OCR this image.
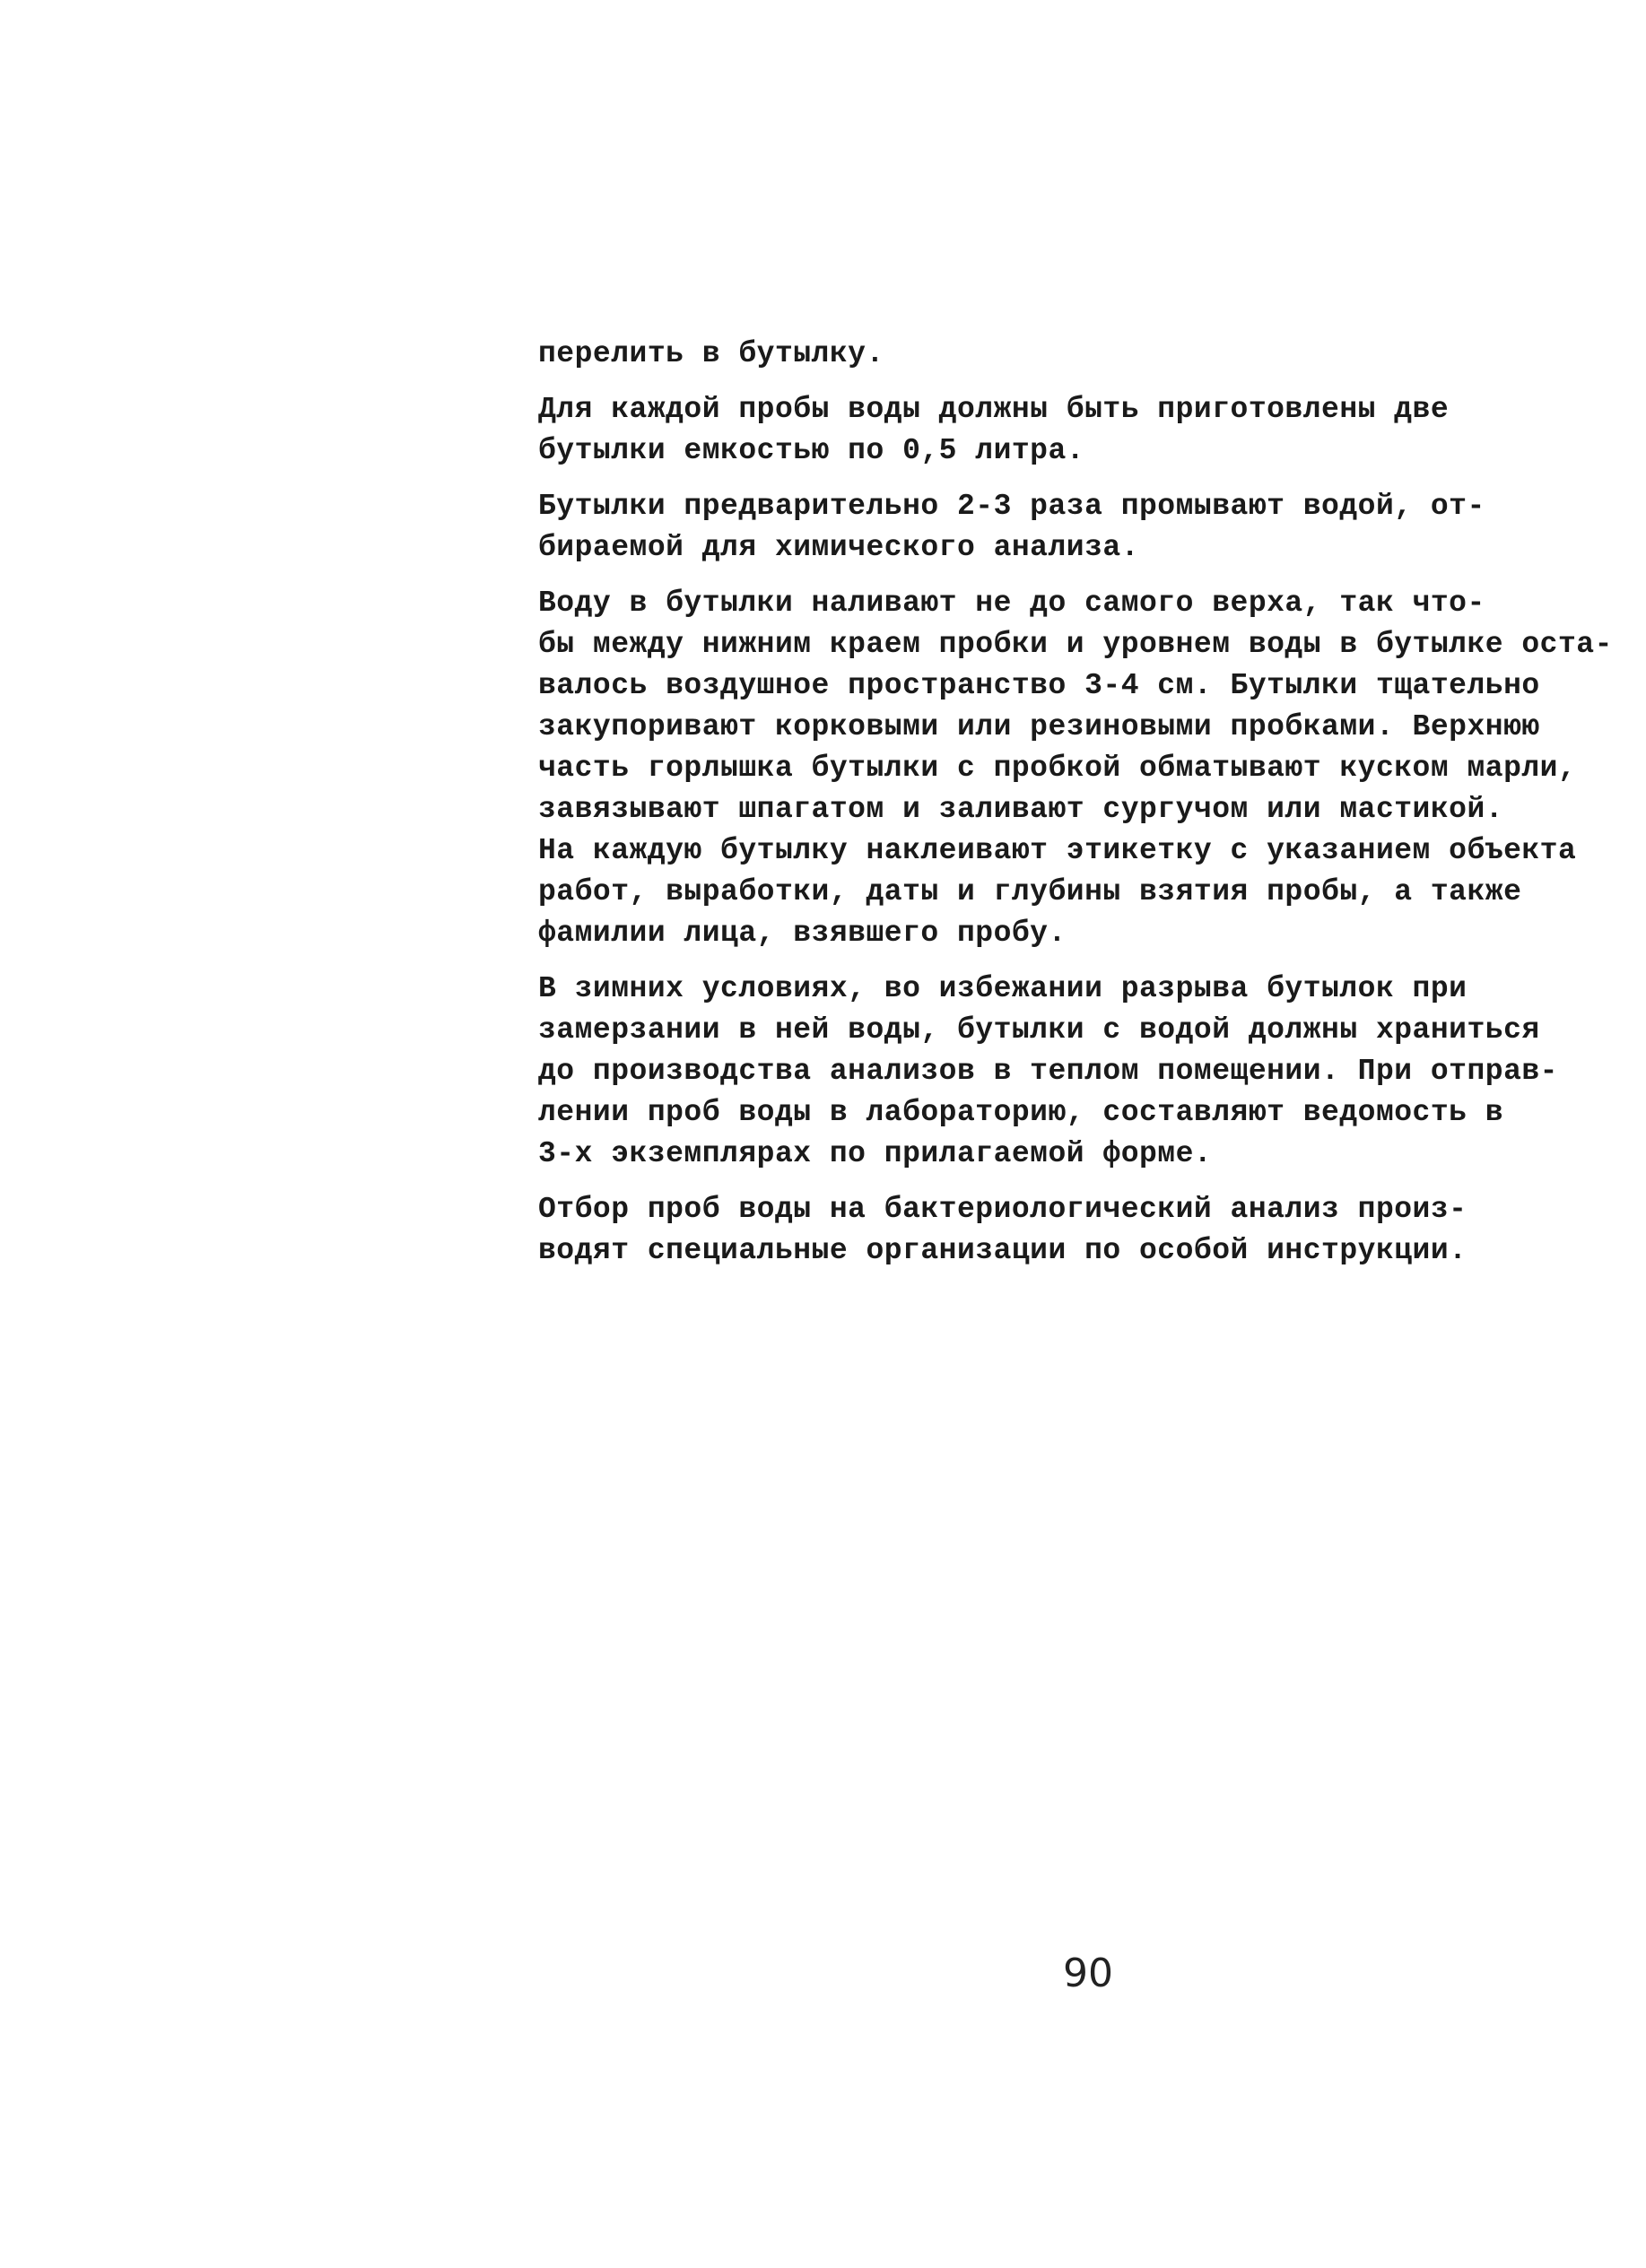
перелить в бутылку.

Для каждой пробы воды должны быть приготовлены две
бутылки емкостью по 0,5 литра.

Бутылки предварительно 2-3 раза промывают водой, от-
бираемой для химического анализа.

Воду в бутылки наливают не до самого верха, так что-
бы между нижним краем пробки и уровнем воды в бутылке оста-
валось воздушное пространство 3-4 см. Бутылки тщательно
закупоривают корковыми или резиновыми пробками. Верхнюю
часть горлышка бутылки с пробкой обматывают куском марли,
завязывают шпагатом и заливают сургучом или мастикой.
На каждую бутылку наклеивают этикетку с указанием объекта
работ, выработки, даты и глубины взятия пробы, а также
фамилии лица, взявшего пробу.

В зимних условиях, во избежании разрыва бутылок при
замерзании в ней воды, бутылки с водой должны храниться
до производства анализов в теплом помещении. При отправ-
лении проб воды в лабораторию, составляют ведомость в
3-х экземплярах по прилагаемой форме.

Отбор проб воды на бактериологический анализ произ-
водят специальные организации по особой инструкции.

90
